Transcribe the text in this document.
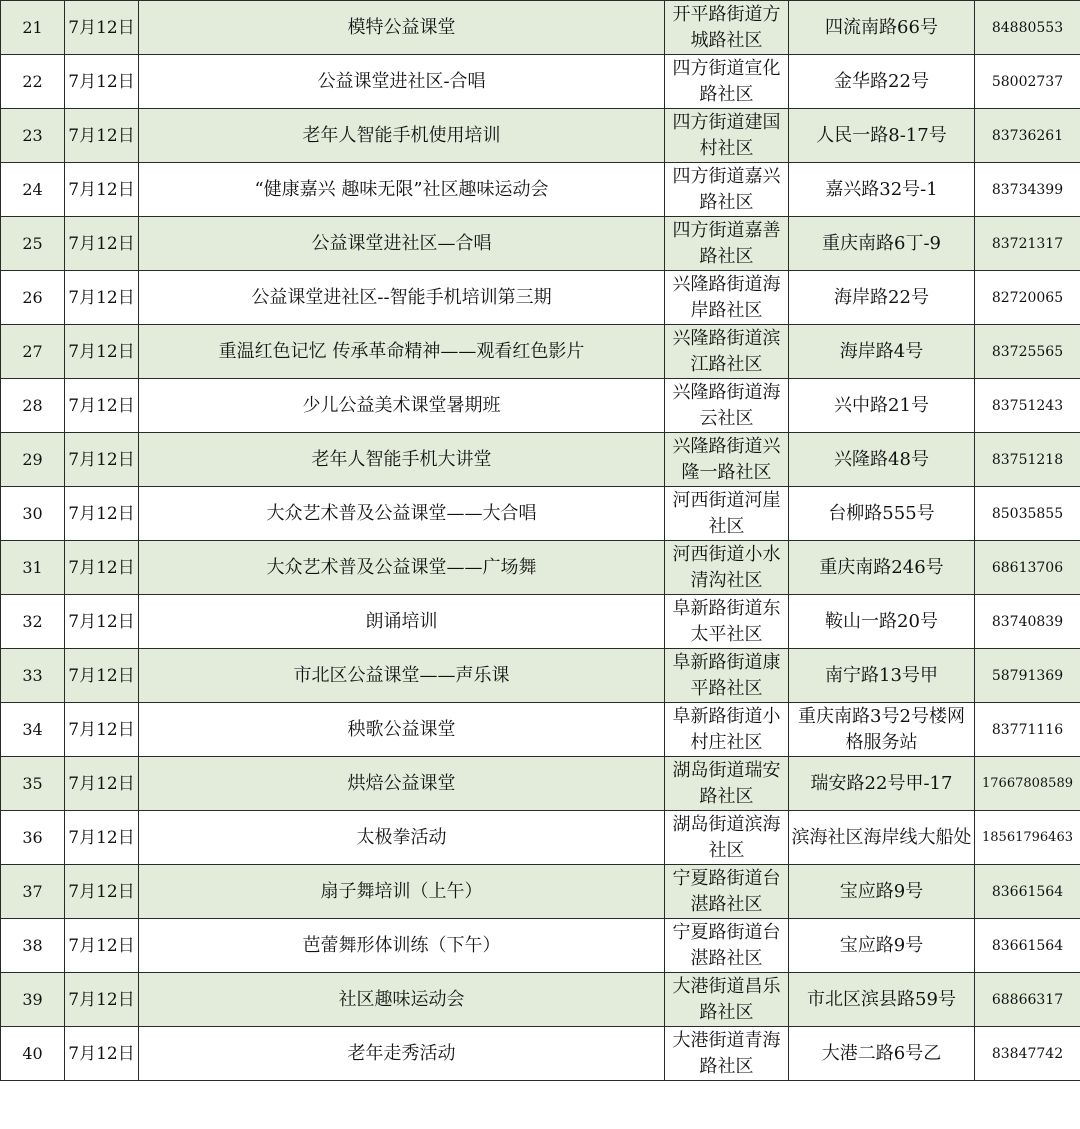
21	7月12日	模特公益课堂	开平路街道方城路社区	四流南路66号	84880553
22	7月12日	公益课堂进社区-合唱	四方街道宣化路社区	金华路22号	58002737
23	7月12日	老年人智能手机使用培训	四方街道建国村社区	人民一路8-17号	83736261
24	7月12日	“健康嘉兴 趣味无限”社区趣味运动会	四方街道嘉兴路社区	嘉兴路32号-1	83734399
25	7月12日	公益课堂进社区—合唱	四方街道嘉善路社区	重庆南路6丁-9	83721317
26	7月12日	公益课堂进社区--智能手机培训第三期	兴隆路街道海岸路社区	海岸路22号	82720065
27	7月12日	重温红色记忆 传承革命精神——观看红色影片	兴隆路街道滨江路社区	海岸路4号	83725565
28	7月12日	少儿公益美术课堂暑期班	兴隆路街道海云社区	兴中路21号	83751243
29	7月12日	老年人智能手机大讲堂	兴隆路街道兴隆一路社区	兴隆路48号	83751218
30	7月12日	大众艺术普及公益课堂——大合唱	河西街道河崖社区	台柳路555号	85035855
31	7月12日	大众艺术普及公益课堂——广场舞	河西街道小水清沟社区	重庆南路246号	68613706
32	7月12日	朗诵培训	阜新路街道东太平社区	鞍山一路20号	83740839
33	7月12日	市北区公益课堂——声乐课	阜新路街道康平路社区	南宁路13号甲	58791369
34	7月12日	秧歌公益课堂	阜新路街道小村庄社区	重庆南路3号2号楼网格服务站	83771116
35	7月12日	烘焙公益课堂	湖岛街道瑞安路社区	瑞安路22号甲-17	17667808589
36	7月12日	太极拳活动	湖岛街道滨海社区	滨海社区海岸线大船处	18561796463
37	7月12日	扇子舞培训（上午）	宁夏路街道台湛路社区	宝应路9号	83661564
38	7月12日	芭蕾舞形体训练（下午）	宁夏路街道台湛路社区	宝应路9号	83661564
39	7月12日	社区趣味运动会	大港街道昌乐路社区	市北区滨县路59号	68866317
40	7月12日	老年走秀活动	大港街道青海路社区	大港二路6号乙	83847742
